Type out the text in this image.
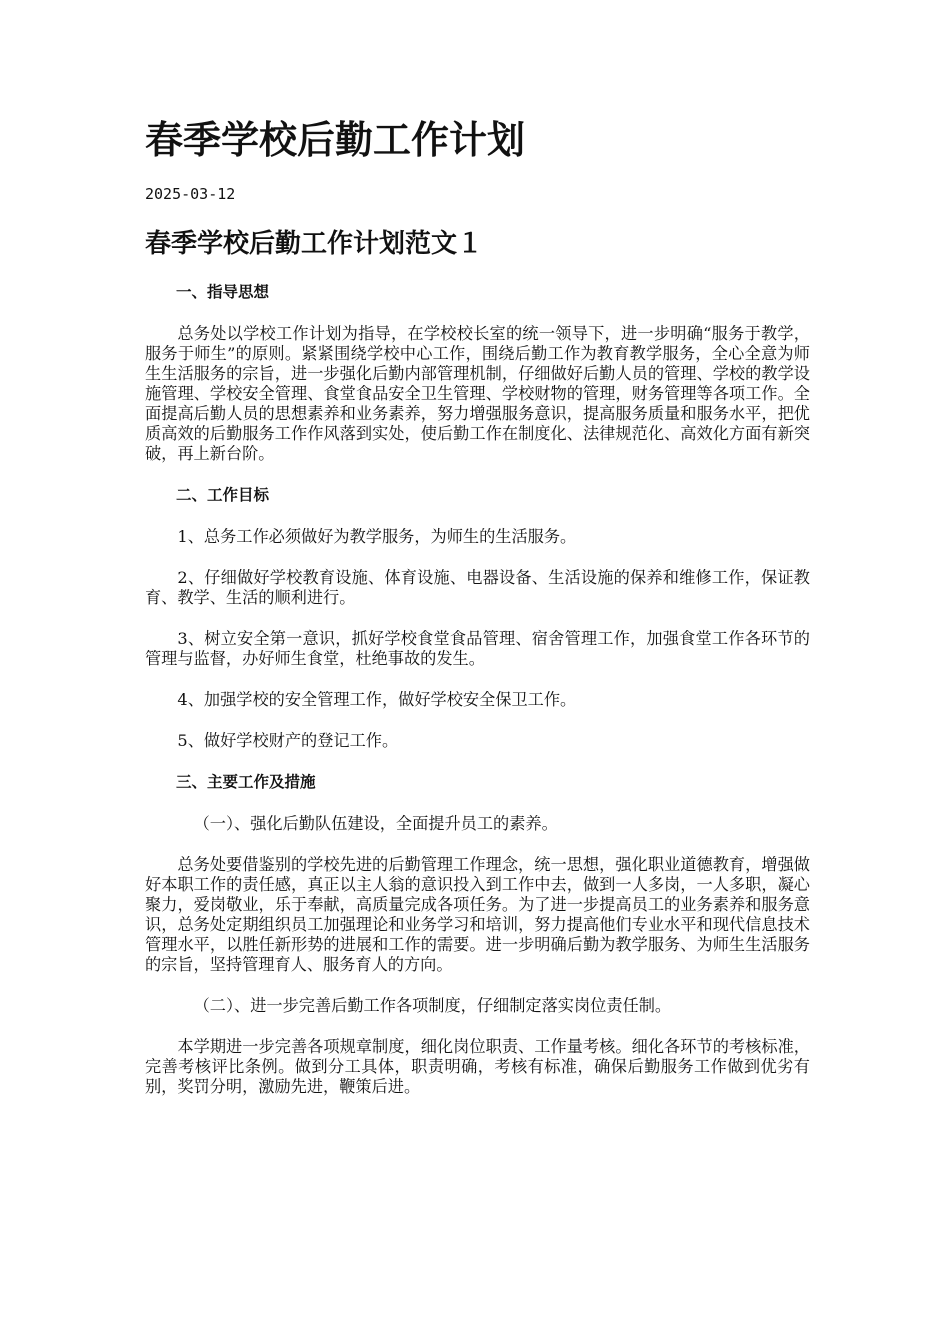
春季学校后勤工作计划
2025-03-12
春季学校后勤工作计划范文１

一、指导思想

总务处以学校工作计划为指导，在学校校长室的统一领导下，进一步明确“服务于教学，服务于师生”的原则。紧紧围绕学校中心工作，围绕后勤工作为教育教学服务，全心全意为师生生活服务的宗旨，进一步强化后勤内部管理机制，仔细做好后勤人员的管理、学校的教学设施管理、学校安全管理、食堂食品安全卫生管理、学校财物的管理，财务管理等各项工作。全面提高后勤人员的思想素养和业务素养，努力增强服务意识，提高服务质量和服务水平，把优质高效的后勤服务工作作风落到实处，使后勤工作在制度化、法律规范化、高效化方面有新突破，再上新台阶。

二、工作目标

1、总务工作必须做好为教学服务，为师生的生活服务。

2、仔细做好学校教育设施、体育设施、电器设备、生活设施的保养和维修工作，保证教育、教学、生活的顺利进行。

3、树立安全第一意识，抓好学校食堂食品管理、宿舍管理工作，加强食堂工作各环节的管理与监督，办好师生食堂，杜绝事故的发生。

4、加强学校的安全管理工作，做好学校安全保卫工作。

5、做好学校财产的登记工作。

三、主要工作及措施

（一）、强化后勤队伍建设，全面提升员工的素养。

总务处要借鉴别的学校先进的后勤管理工作理念，统一思想，强化职业道德教育，增强做好本职工作的责任感，真正以主人翁的意识投入到工作中去，做到一人多岗，一人多职，凝心聚力，爱岗敬业，乐于奉献，高质量完成各项任务。为了进一步提高员工的业务素养和服务意识，总务处定期组织员工加强理论和业务学习和培训，努力提高他们专业水平和现代信息技术管理水平，以胜任新形势的进展和工作的需要。进一步明确后勤为教学服务、为师生生活服务的宗旨，坚持管理育人、服务育人的方向。

（二）、进一步完善后勤工作各项制度，仔细制定落实岗位责任制。

本学期进一步完善各项规章制度，细化岗位职责、工作量考核。细化各环节的考核标准，完善考核评比条例。做到分工具体，职责明确，考核有标准，确保后勤服务工作做到优劣有别，奖罚分明，激励先进，鞭策后进。
